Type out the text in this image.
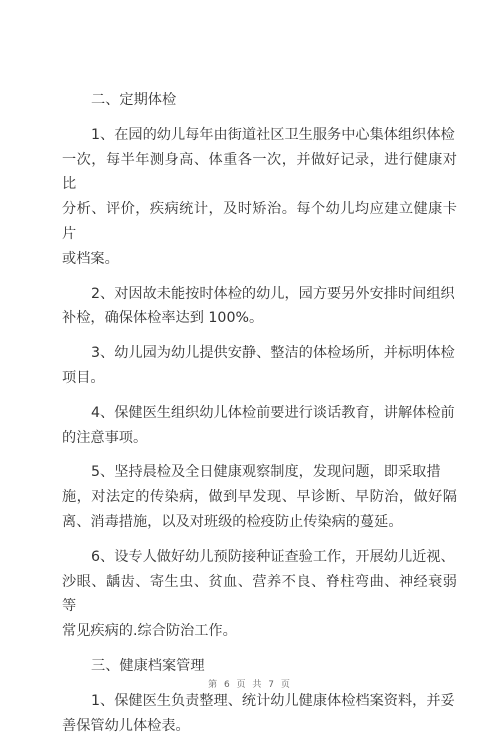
二、定期体检
1、在园的幼儿每年由街道社区卫生服务中心集体组织体检
一次，每半年测身高、体重各一次，并做好记录，进行健康对比
分析、评价，疾病统计，及时矫治。每个幼儿均应建立健康卡片
或档案。
2、对因故未能按时体检的幼儿，园方要另外安排时间组织
补检，确保体检率达到 100%。
3、幼儿园为幼儿提供安静、整洁的体检场所，并标明体检
项目。
4、保健医生组织幼儿体检前要进行谈话教育，讲解体检前
的注意事项。
5、坚持晨检及全日健康观察制度，发现问题，即采取措
施，对法定的传染病，做到早发现、早诊断、早防治，做好隔
离、消毒措施，以及对班级的检疫防止传染病的蔓延。
6、设专人做好幼儿预防接种证查验工作，开展幼儿近视、
沙眼、龋齿、寄生虫、贫血、营养不良、脊柱弯曲、神经衰弱等
常见疾病的.综合防治工作。
三、健康档案管理
1、保健医生负责整理、统计幼儿健康体检档案资料，并妥
善保管幼儿体检表。
第 6 页 共 7 页
